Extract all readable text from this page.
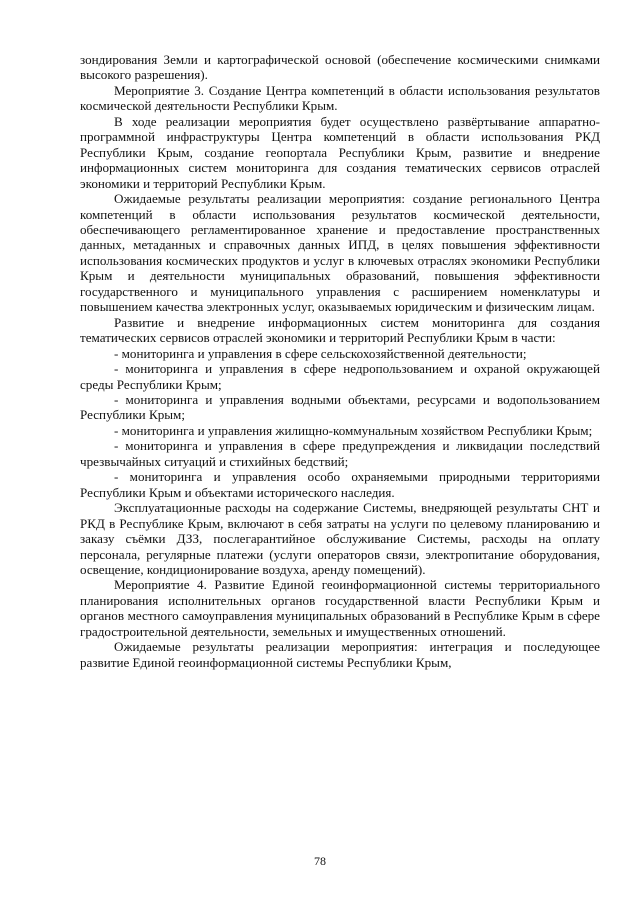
зондирования Земли и картографической основой (обеспечение космическими снимками высокого разрешения).

Мероприятие 3. Создание Центра компетенций в области использования результатов космической деятельности Республики Крым.

В ходе реализации мероприятия будет осуществлено развёртывание аппаратно-программной инфраструктуры Центра компетенций в области использования РКД Республики Крым, создание геопортала Республики Крым, развитие и внедрение информационных систем мониторинга для создания тематических сервисов отраслей экономики и территорий Республики Крым.

Ожидаемые результаты реализации мероприятия: создание регионального Центра компетенций в области использования результатов космической деятельности, обеспечивающего регламентированное хранение и предоставление пространственных данных, метаданных и справочных данных ИПД, в целях повышения эффективности использования космических продуктов и услуг в ключевых отраслях экономики Республики Крым и деятельности муниципальных образований, повышения эффективности государственного и муниципального управления с расширением номенклатуры и повышением качества электронных услуг, оказываемых юридическим и физическим лицам.

Развитие и внедрение информационных систем мониторинга для создания тематических сервисов отраслей экономики и территорий Республики Крым в части:

- мониторинга и управления в сфере сельскохозяйственной деятельности;

- мониторинга и управления в сфере недропользованием и охраной окружающей среды Республики Крым;

- мониторинга и управления водными объектами, ресурсами и водопользованием Республики Крым;

- мониторинга и управления жилищно-коммунальным хозяйством Республики Крым;

- мониторинга и управления в сфере предупреждения и ликвидации последствий чрезвычайных ситуаций и стихийных бедствий;

- мониторинга и управления особо охраняемыми природными территориями Республики Крым и объектами исторического наследия.

Эксплуатационные расходы на содержание Системы, внедряющей результаты СНТ и РКД в Республике Крым, включают в себя затраты на услуги по целевому планированию и заказу съёмки ДЗЗ, послегарантийное обслуживание Системы, расходы на оплату персонала, регулярные платежи (услуги операторов связи, электропитание оборудования, освещение, кондиционирование воздуха, аренду помещений).

Мероприятие 4. Развитие Единой геоинформационной системы территориального планирования исполнительных органов государственной власти Республики Крым и органов местного самоуправления муниципальных образований в Республике Крым в сфере градостроительной деятельности, земельных и имущественных отношений.

Ожидаемые результаты реализации мероприятия: интеграция и последующее развитие Единой геоинформационной системы Республики Крым,

78
